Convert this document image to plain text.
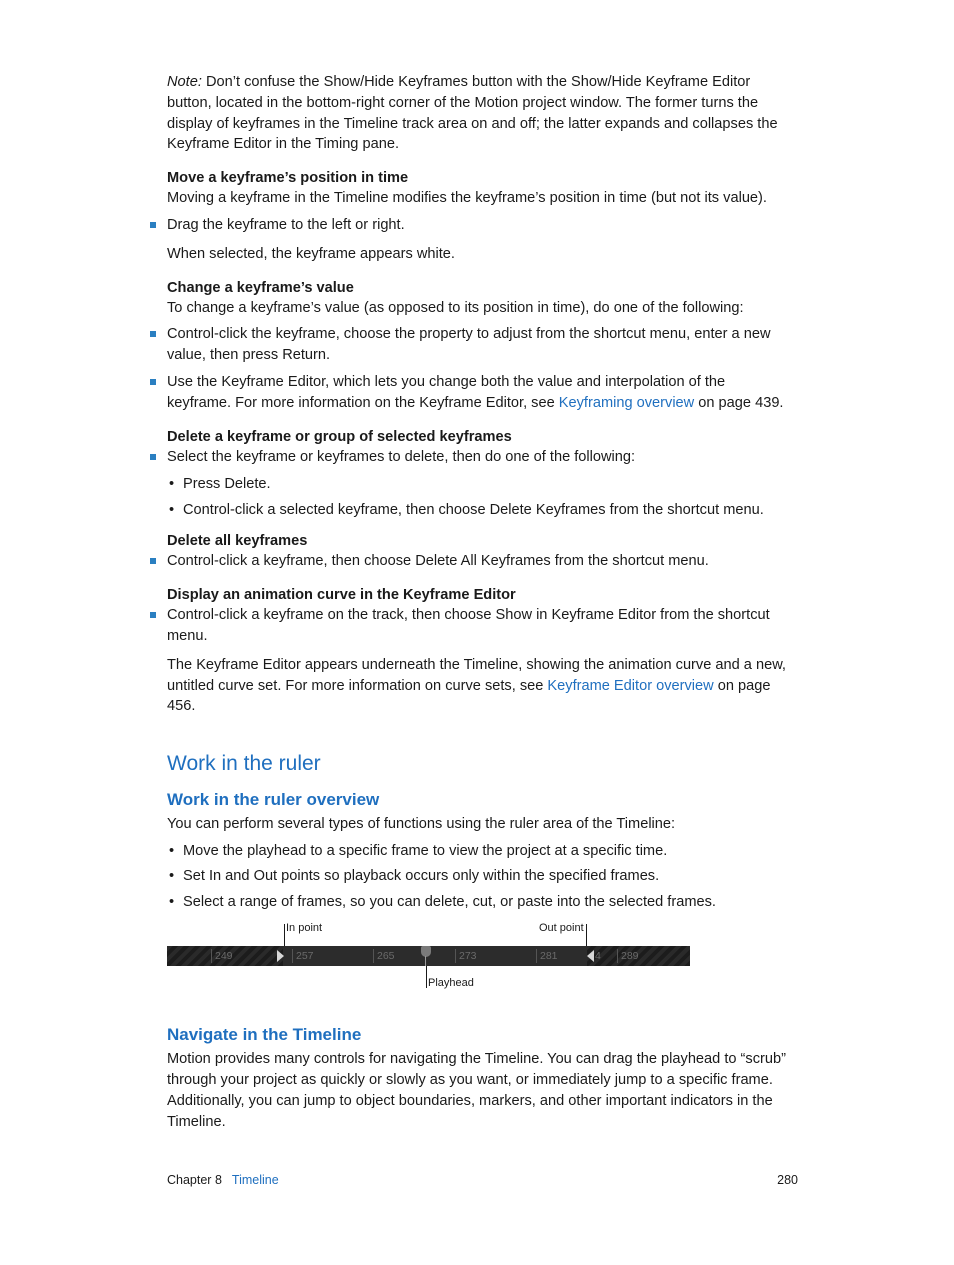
Note: Don’t confuse the Show/Hide Keyframes button with the Show/Hide Keyframe Editor button, located in the bottom-right corner of the Motion project window. The former turns the display of keyframes in the Timeline track area on and off; the latter expands and collapses the Keyframe Editor in the Timing pane.

Move a keyframe’s position in time

Moving a keyframe in the Timeline modifies the keyframe’s position in time (but not its value).

Drag the keyframe to the left or right.

When selected, the keyframe appears white.

Change a keyframe’s value

To change a keyframe’s value (as opposed to its position in time), do one of the following:

Control-click the keyframe, choose the property to adjust from the shortcut menu, enter a new value, then press Return.
Use the Keyframe Editor, which lets you change both the value and interpolation of the keyframe. For more information on the Keyframe Editor, see Keyframing overview on page 439.

Delete a keyframe or group of selected keyframes

Select the keyframe or keyframes to delete, then do one of the following:
• Press Delete.
• Control-click a selected keyframe, then choose Delete Keyframes from the shortcut menu.

Delete all keyframes

Control-click a keyframe, then choose Delete All Keyframes from the shortcut menu.

Display an animation curve in the Keyframe Editor

Control-click a keyframe on the track, then choose Show in Keyframe Editor from the shortcut menu.

The Keyframe Editor appears underneath the Timeline, showing the animation curve and a new, untitled curve set. For more information on curve sets, see Keyframe Editor overview on page 456.

Work in the ruler
Work in the ruler overview

You can perform several types of functions using the ruler area of the Timeline:

• Move the playhead to a specific frame to view the project at a specific time.
• Set In and Out points so playback occurs only within the specified frames.
• Select a range of frames, so you can delete, cut, or paste into the selected frames.
In point	Out point
249	257	265	273	281	4	289
Playhead
Navigate in the Timeline

Motion provides many controls for navigating the Timeline. You can drag the playhead to “scrub” through your project as quickly or slowly as you want, or immediately jump to a specific frame. Additionally, you can jump to object boundaries, markers, and other important indicators in the Timeline.

Chapter 8 Timeline	280
